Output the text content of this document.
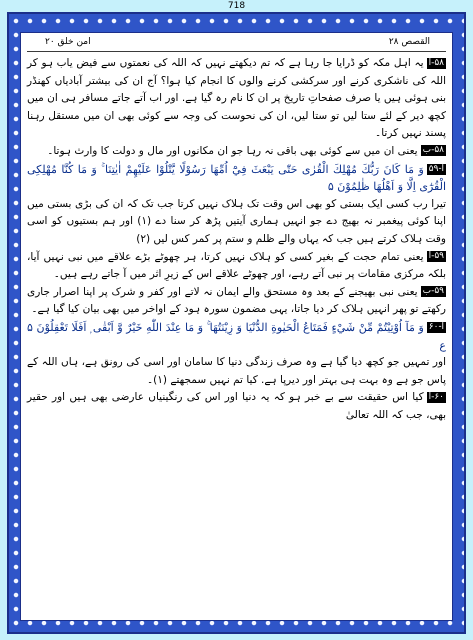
718
امن خلق ۲۰	القصص ۲۸

۵۸-ایہ اہل مکہ کو ڈرایا جا رہا ہے کہ تم دیکھتے نہیں کہ اللہ کی نعمتوں سے فیض یاب ہو کر اللہ کی ناشکری کرنے اور سرکشی کرنے والوں کا انجام کیا ہوا؟ آج ان کی بیشتر آبادیاں کھنڈر بنی ہوئی ہیں یا صرف صفحاتِ تاریخ پر ان کا نام رہ گیا ہے. اور اب آتے جاتے مسافر ہی ان میں کچھ دیر کے لئے ستا لیں تو ستا لیں، ان کی نحوست کی وجہ سے کوئی بھی ان میں مستقل رہنا پسند نہیں کرتا۔

۵۸-بیعنی ان میں سے کوئی بھی باقی نہ رہا جو ان مکانوں اور مال و دولت کا وارث ہوتا۔

آ-۵۹وَ مَا كَانَ رَبُّكَ مُهْلِكَ الْقُرٰى حَتّٰى يَبْعَثَ فِيْٓ اُمِّهَا رَسُوْلًا يَّتْلُوْا عَلَيْهِمْ اٰيٰتِنَا ۚ وَ مَا كُنَّا مُهْلِكِى الْقُرٰٓى اِلَّا وَ اَهْلُهَا ظٰلِمُوْنَ ۵

تیرا رب کسی ایک بستی کو بھی اس وقت تک ہلاک نہیں کرتا جب تک کہ ان کی بڑی بستی میں اپنا کوئی پیغمبر نہ بھیج دے جو انہیں ہماری آیتیں پڑھ کر سنا دے (۱) اور ہم بستیوں کو اسی وقت ہلاک کرتے ہیں جب کہ یہاں والے ظلم و ستم پر کمر کس لیں (۲)

۵۹-ایعنی تمام حجت کے بغیر کسی کو ہلاک نہیں کرتا، ہر چھوٹے بڑے علاقے میں نبی نہیں آیا، بلکہ مرکزی مقامات پر نبی آتے رہے، اور چھوٹے علاقے اس کے زیرِ اثر میں آ جاتے رہے ہیں۔

۵۹-بیعنی نبی بھیجنے کے بعد وہ مستحق والے ایمان نہ لاتے اور کفر و شرک پر اپنا اصرار جاری رکھتے تو پھر انہیں ہلاک کر دیا جاتا، یہی مضمون سورہ ہود کے اواخر میں بھی بیان کیا گیا ہے۔

آ-۶۰وَ مَآ اُوْتِيْتُمْ مِّنْ شَيْءٍ فَمَتَاعُ الْحَيٰوةِ الدُّنْيَا وَ زِيْنَتُهَا ۚ وَ مَا عِنْدَ اللّٰهِ خَيْرٌ وَّ اَبْقٰى ۭ اَفَلَا تَعْقِلُوْنَ ۵ ع

اور تمہیں جو کچھ دیا گیا ہے وہ صرف زندگی دنیا کا سامان اور اسی کی رونق ہے، ہاں اللہ کے پاس جو ہے وہ بہت ہی بہتر اور دیرپا ہے. کیا تم نہیں سمجھتے (۱)۔

۶۰-اکیا اس حقیقت سے بے خبر ہو کہ یہ دنیا اور اس کی رنگینیاں عارضی بھی ہیں اور حقیر بھی، جب کہ اللہ تعالیٰ
